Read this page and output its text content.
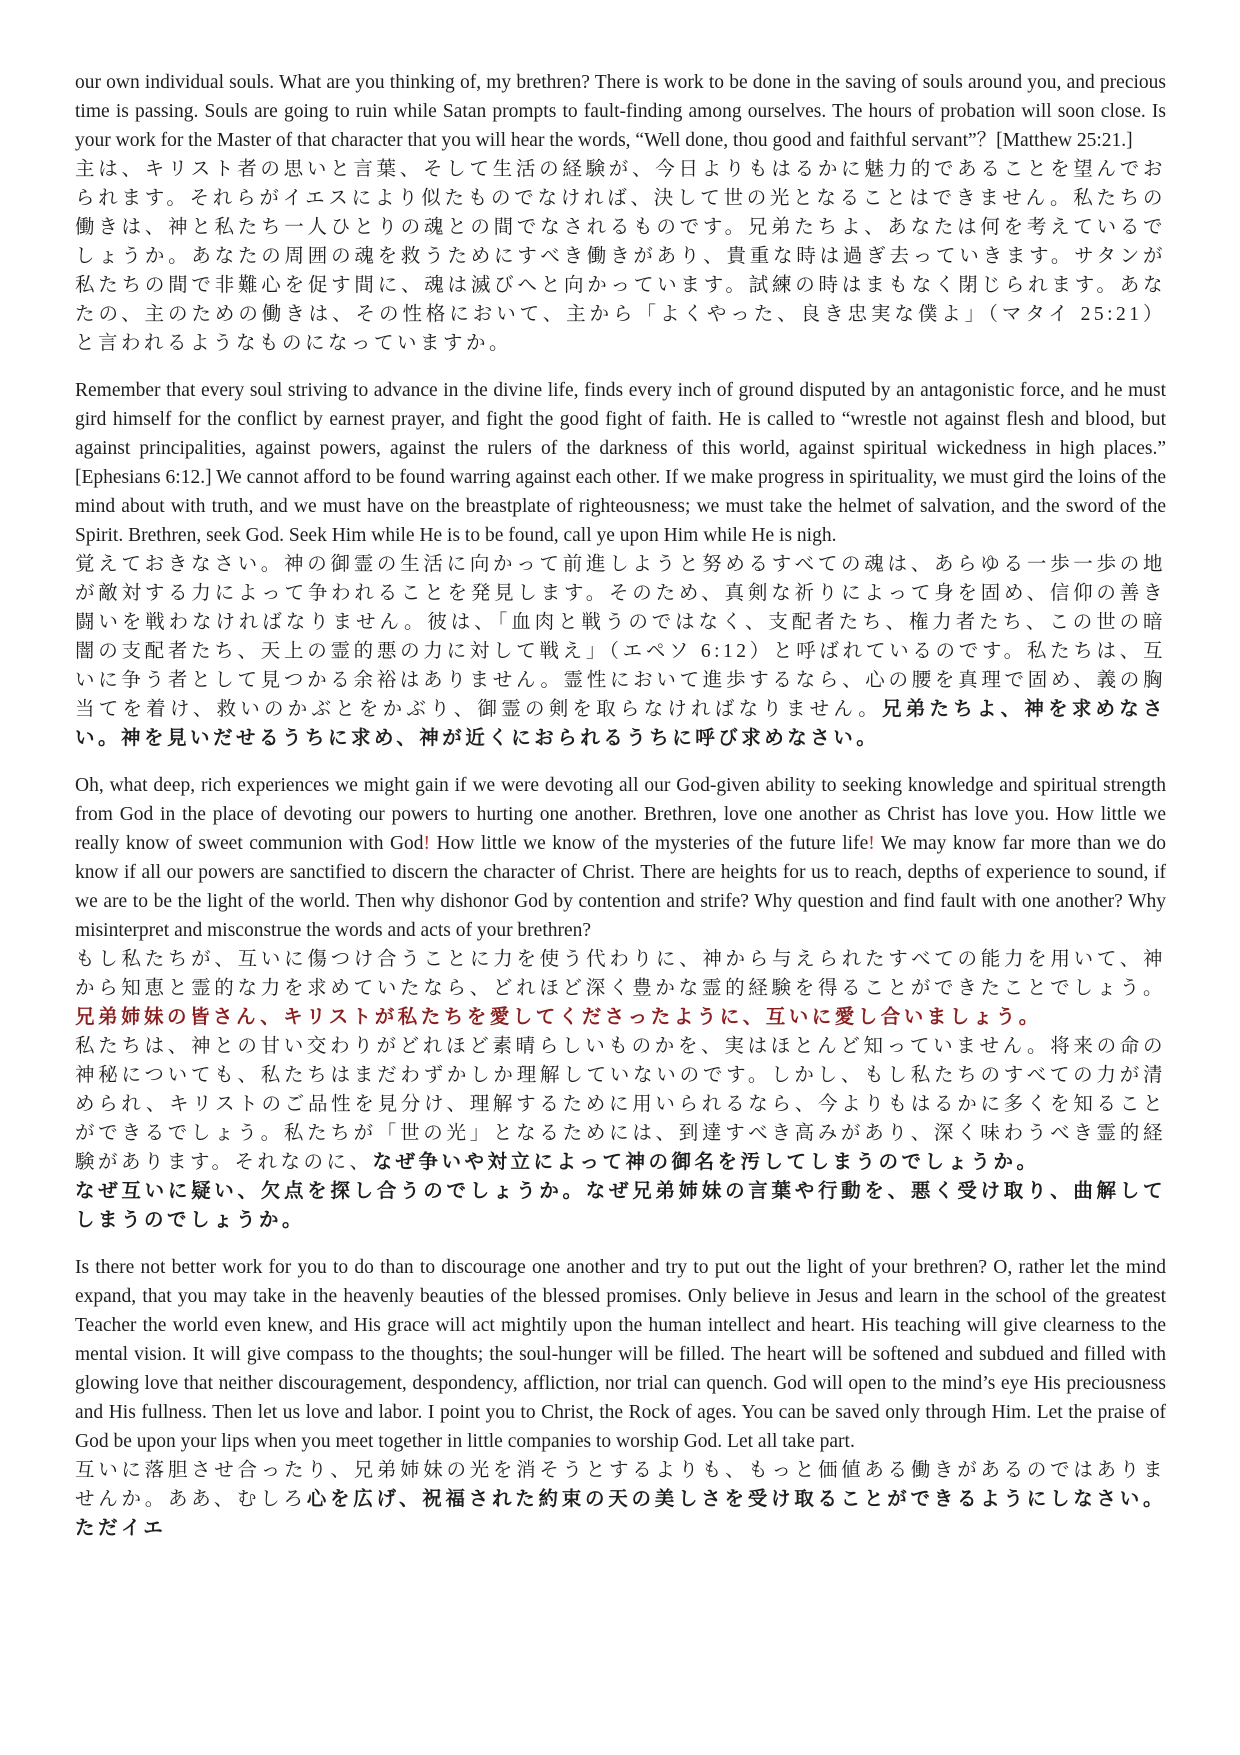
our own individual souls. What are you thinking of, my brethren? There is work to be done in the saving of souls around you, and precious time is passing. Souls are going to ruin while Satan prompts to fault-finding among ourselves. The hours of probation will soon close. Is your work for the Master of that character that you will hear the words, “Well done, thou good and faithful servant”？[Matthew 25:21.]
主は、キリスト者の思いと言葉、そして生活の経験が、今日よりもはるかに魅力的であることを望んでおられます。それらがイエスにより似たものでなければ、決して世の光となることはできません。私たちの働きは、神と私たち一人ひとりの魂との間でなされるものです。兄弟たちよ、あなたは何を考えているでしょうか。あなたの周囲の魂を救うためにすべき働きがあり、貴重な時は過ぎ去っていきます。サタンが私たちの間で非難心を促す間に、魂は滅びへと向かっています。試練の時はまもなく閉じられます。あなたの、主のための働きは、その性格において、主から「よくやった、良き忠実な僕よ」（マタイ 25:21）と言われるようなものになっていますか。

Remember that every soul striving to advance in the divine life, finds every inch of ground disputed by an antagonistic force, and he must gird himself for the conflict by earnest prayer, and fight the good fight of faith. He is called to “wrestle not against flesh and blood, but against principalities, against powers, against the rulers of the darkness of this world, against spiritual wickedness in high places.” [Ephesians 6:12.] We cannot afford to be found warring against each other. If we make progress in spirituality, we must gird the loins of the mind about with truth, and we must have on the breastplate of righteousness; we must take the helmet of salvation, and the sword of the Spirit. Brethren, seek God. Seek Him while He is to be found, call ye upon Him while He is nigh.
覚えておきなさい。神の御霊の生活に向かって前進しようと努めるすべての魂は、あらゆる一歩一歩の地が敵対する力によって争われることを発見します。そのため、真剣な祈りによって身を固め、信仰の善き闘いを戦わなければなりません。彼は、「血肉と戦うのではなく、支配者たち、権力者たち、この世の暗闇の支配者たち、天上の霊的悪の力に対して戦え」（エペソ 6:12）と呼ばれているのです。私たちは、互いに争う者として見つかる余裕はありません。霊性において進歩するなら、心の腰を真理で固め、義の胸当てを着け、救いのかぶとをかぶり、御霊の剣を取らなければなりません。兄弟たちよ、神を求めなさい。神を見いだせるうちに求め、神が近くにおられるうちに呼び求めなさい。

Oh, what deep, rich experiences we might gain if we were devoting all our God-given ability to seeking knowledge and spiritual strength from God in the place of devoting our powers to hurting one another. Brethren, love one another as Christ has love you. How little we really know of sweet communion with God! How little we know of the mysteries of the future life! We may know far more than we do know if all our powers are sanctified to discern the character of Christ. There are heights for us to reach, depths of experience to sound, if we are to be the light of the world. Then why dishonor God by contention and strife? Why question and find fault with one another? Why misinterpret and misconstrue the words and acts of your brethren?
もし私たちが、互いに傷つけ合うことに力を使う代わりに、神から与えられたすべての能力を用いて、神から知恵と霊的な力を求めていたなら、どれほど深く豊かな霊的経験を得ることができたことでしょう。兄弟姉妹の皆さん、キリストが私たちを愛してくださったように、互いに愛し合いましょう。
私たちは、神との甘い交わりがどれほど素晴らしいものかを、実はほとんど知っていません。将来の命の神秘についても、私たちはまだわずかしか理解していないのです。しかし、もし私たちのすべての力が清められ、キリストのご品性を見分け、理解するために用いられるなら、今よりもはるかに多くを知ることができるでしょう。私たちが「世の光」となるためには、到達すべき高みがあり、深く味わうべき霊的経験があります。それなのに、なぜ争いや対立によって神の御名を汚してしまうのでしょうか。
なぜ互いに疑い、欠点を探し合うのでしょうか。なぜ兄弟姉妹の言葉や行動を、悪く受け取り、曲解してしまうのでしょうか。

Is there not better work for you to do than to discourage one another and try to put out the light of your brethren? O, rather let the mind expand, that you may take in the heavenly beauties of the blessed promises. Only believe in Jesus and learn in the school of the greatest Teacher the world even knew, and His grace will act mightily upon the human intellect and heart. His teaching will give clearness to the mental vision. It will give compass to the thoughts; the soul-hunger will be filled. The heart will be softened and subdued and filled with glowing love that neither discouragement, despondency, affliction, nor trial can quench. God will open to the mind’s eye His preciousness and His fullness. Then let us love and labor. I point you to Christ, the Rock of ages. You can be saved only through Him. Let the praise of God be upon your lips when you meet together in little companies to worship God. Let all take part.
互いに落胆させ合ったり、兄弟姉妹の光を消そうとするよりも、もっと価値ある働きがあるのではありませんか。ああ、むしろ心を広げ、祝福された約束の天の美しさを受け取ることができるようにしなさい。ただイエ
